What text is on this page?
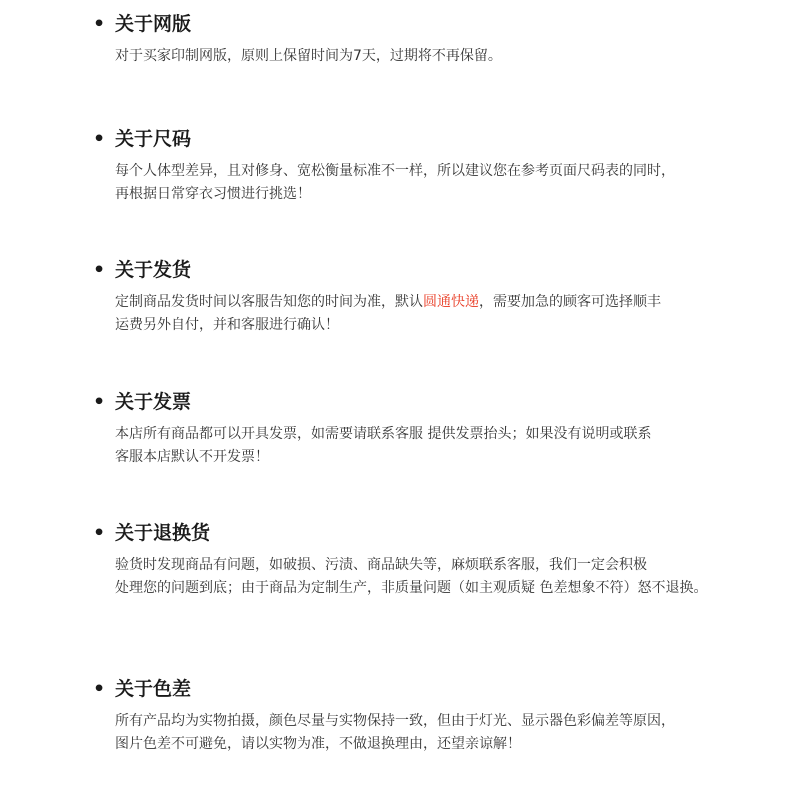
• 关于网版
对于买家印制网版，原则上保留时间为7天，过期将不再保留。
• 关于尺码
每个人体型差异，且对修身、宽松衡量标准不一样，所以建议您在参考页面尺码表的同时，
再根据日常穿衣习惯进行挑选！
• 关于发货
定制商品发货时间以客服告知您的时间为准，默认圆通快递，需要加急的顾客可选择顺丰
运费另外自付，并和客服进行确认！
• 关于发票
本店所有商品都可以开具发票，如需要请联系客服 提供发票抬头；如果没有说明或联系
客服本店默认不开发票！
• 关于退换货
验货时发现商品有问题，如破损、污渍、商品缺失等，麻烦联系客服，我们一定会积极
处理您的问题到底；由于商品为定制生产，非质量问题（如主观质疑 色差想象不符）怒不退换。
• 关于色差
所有产品均为实物拍摄，颜色尽量与实物保持一致，但由于灯光、显示器色彩偏差等原因，
图片色差不可避免，请以实物为准，不做退换理由，还望亲谅解！
